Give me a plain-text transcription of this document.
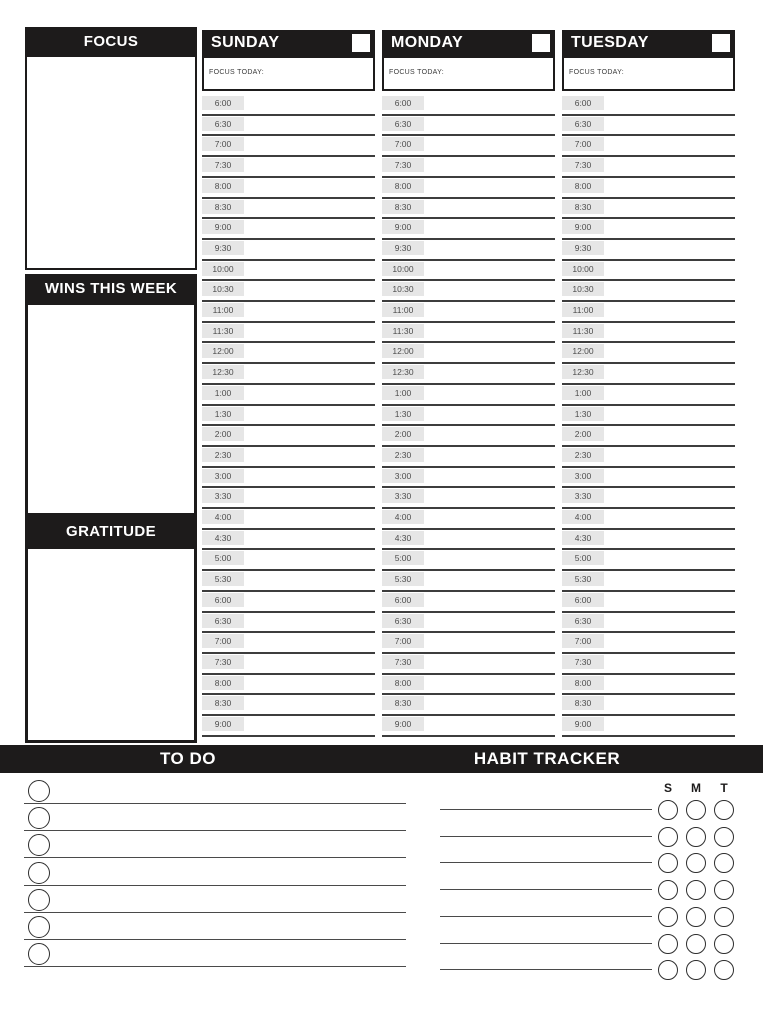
FOCUS
WINS THIS WEEK
GRATITUDE
SUNDAY
FOCUS TODAY:
6:00
6:30
7:00
7:30
8:00
8:30
9:00
9:30
10:00
10:30
11:00
11:30
12:00
12:30
1:00
1:30
2:00
2:30
3:00
3:30
4:00
4:30
5:00
5:30
6:00
6:30
7:00
7:30
8:00
8:30
9:00
MONDAY
FOCUS TODAY:
6:00
6:30
7:00
7:30
8:00
8:30
9:00
9:30
10:00
10:30
11:00
11:30
12:00
12:30
1:00
1:30
2:00
2:30
3:00
3:30
4:00
4:30
5:00
5:30
6:00
6:30
7:00
7:30
8:00
8:30
9:00
TUESDAY
FOCUS TODAY:
6:00
6:30
7:00
7:30
8:00
8:30
9:00
9:30
10:00
10:30
11:00
11:30
12:00
12:30
1:00
1:30
2:00
2:30
3:00
3:30
4:00
4:30
5:00
5:30
6:00
6:30
7:00
7:30
8:00
8:30
9:00
TO DO	HABIT TRACKER
S M T
